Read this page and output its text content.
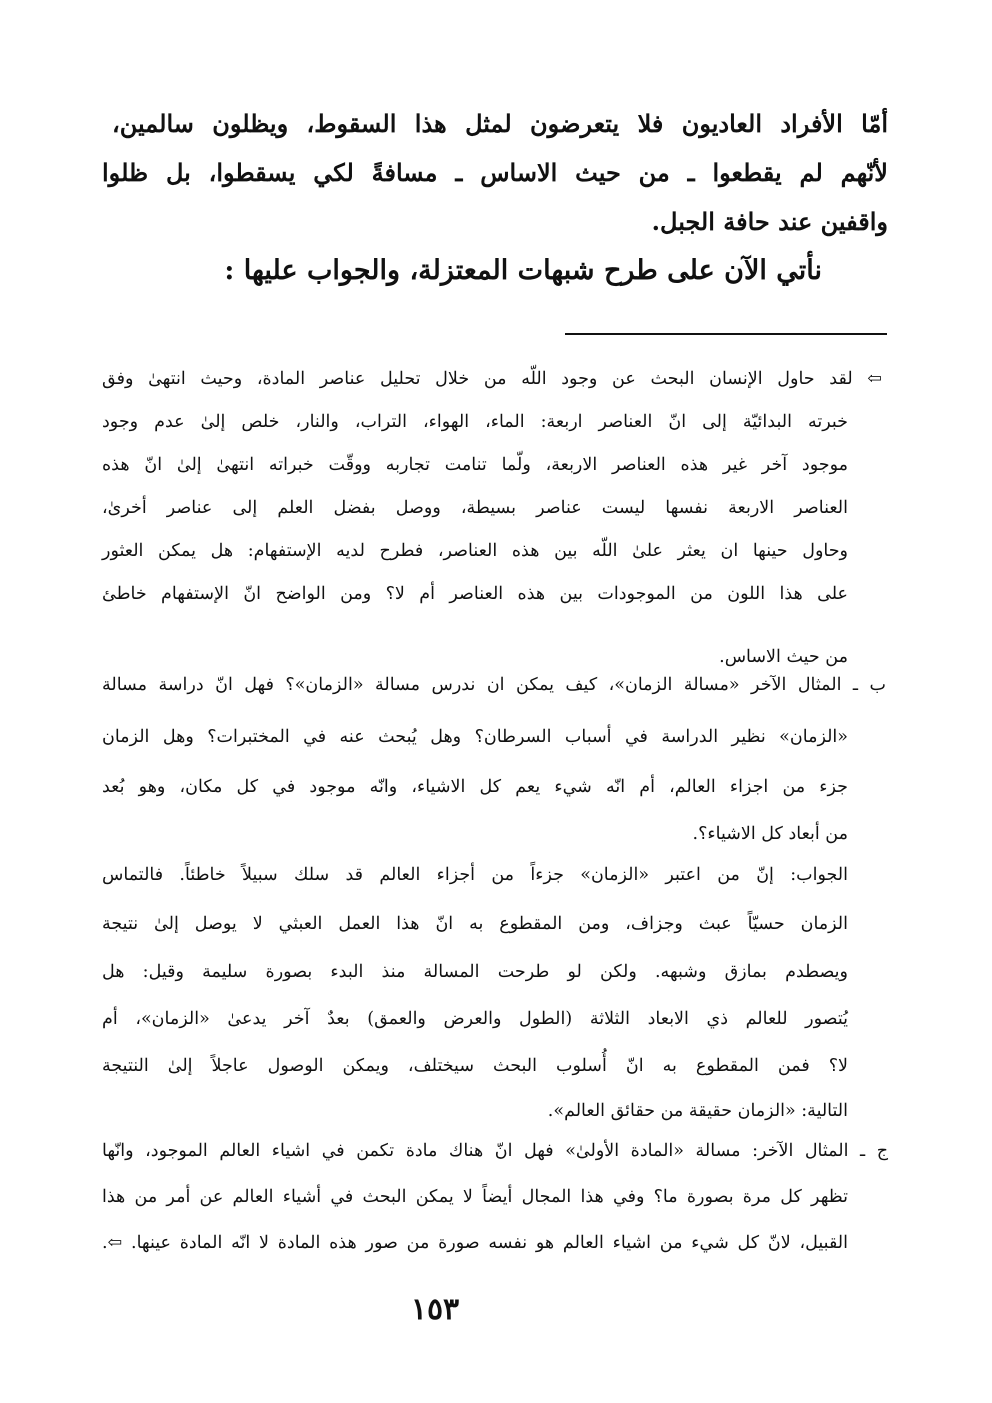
أمّا الأفراد العاديون فلا يتعرضون لمثل هذا السقوط، ويظلون سالمين،
لأنّهم لم يقطعوا ـ من حيث الاساس ـ مسافةً لكي يسقطوا، بل ظلوا
واقفين عند حافة الجبل.
نأتي الآن على طرح شبهات المعتزلة، والجواب عليها :
⇦ لقد حاول الإنسان البحث عن وجود اللّه من خلال تحليل عناصر المادة، وحيث انتهىٰ وفق
خبرته البدائيّة إلى انّ العناصر اربعة: الماء، الهواء، التراب، والنار، خلص إلىٰ عدم وجود
موجود آخر غير هذه العناصر الاربعة، ولّما تنامت تجاربه ووقّت خبراته انتهىٰ إلىٰ انّ هذه
العناصر الاربعة نفسها ليست عناصر بسيطة، ووصل بفضل العلم إلى عناصر أخرىٰ،
وحاول حينها ان يعثر علىٰ اللّه بين هذه العناصر، فطرح لديه الإستفهام: هل يمكن العثور
على هذا اللون من الموجودات بين هذه العناصر أم لا؟ ومن الواضح انّ الإستفهام خاطئ
من حيث الاساس.
ب ـ المثال الآخر «مسالة الزمان»، كيف يمكن ان ندرس مسالة «الزمان»؟ فهل انّ دراسة مسالة
«الزمان» نظير الدراسة في أسباب السرطان؟ وهل يُبحث عنه في المختبرات؟ وهل الزمان
جزء من اجزاء العالم، أم انّه شيء يعم كل الاشياء، وانّه موجود في كل مكان، وهو بُعد
من أبعاد كل الاشياء؟.
الجواب: إنّ من اعتبر «الزمان» جزءاً من أجزاء العالم قد سلك سبيلاً خاطئاً. فالتماس
الزمان حسيّاً عبث وجزاف، ومن المقطوع به انّ هذا العمل العبثي لا يوصل إلىٰ نتيجة
ويصطدم بمازق وشبهه. ولكن لو طرحت المسالة منذ البدء بصورة سليمة وقيل: هل
يُتصور للعالم ذي الابعاد الثلاثة (الطول والعرض والعمق) بعدٌ آخر يدعىٰ «الزمان»، أم
لا؟ فمن المقطوع به انّ أُسلوب البحث سيختلف، ويمكن الوصول عاجلاً إلىٰ النتيجة
التالية: «الزمان حقيقة من حقائق العالم».
ج ـ المثال الآخر: مسالة «المادة الأولىٰ» فهل انّ هناك مادة تكمن في اشياء العالم الموجود، وانّها
تظهر كل مرة بصورة ما؟ وفي هذا المجال أيضاً لا يمكن البحث في أشياء العالم عن أمر من هذا
القبيل، لانّ كل شيء من اشياء العالم هو نفسه صورة من صور هذه المادة لا انّه المادة عينها. ⇦.
١٥٣
